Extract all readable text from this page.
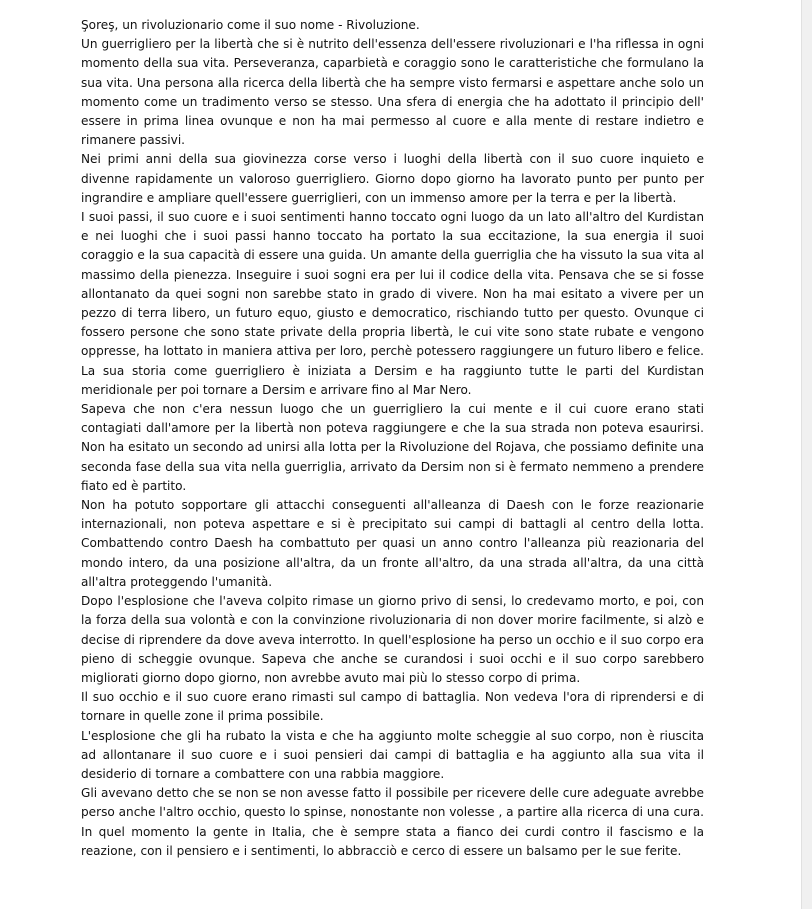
Şoreş, un rivoluzionario come il suo nome - Rivoluzione.

Un guerrigliero per la libertà che si è nutrito dell'essenza dell'essere rivoluzionari e l'ha riflessa in ogni momento della sua vita. Perseveranza, caparbietà e coraggio sono le caratteristiche che formulano la sua vita. Una persona alla ricerca della libertà che ha sempre visto fermarsi e aspettare anche solo un momento come un tradimento verso se stesso. Una sfera di energia che ha adottato il principio dell' essere in prima linea ovunque e non ha mai permesso al cuore e alla mente di restare indietro e rimanere passivi.

Nei primi anni della sua giovinezza corse verso i luoghi della libertà con il suo cuore inquieto e divenne rapidamente un valoroso guerrigliero. Giorno dopo giorno ha lavorato punto per punto per ingrandire e ampliare quell'essere guerriglieri, con un immenso amore per la terra e per la libertà.

I suoi passi, il suo cuore e i suoi sentimenti hanno toccato ogni luogo da un lato all'altro del Kurdistan e nei luoghi che i suoi passi hanno toccato ha portato la sua eccitazione, la sua energia il suoi coraggio e la sua capacità di essere una guida. Un amante della guerriglia che ha vissuto la sua vita al massimo della pienezza. Inseguire i suoi sogni era per lui il codice della vita. Pensava che se si fosse allontanato da quei sogni non sarebbe stato in grado di vivere. Non ha mai esitato a vivere per un pezzo di terra libero, un futuro equo, giusto e democratico, rischiando tutto per questo. Ovunque ci fossero persone che sono state private della propria libertà, le cui vite sono state rubate e vengono oppresse, ha lottato in maniera attiva per loro, perchè potessero raggiungere un futuro libero e felice. La sua storia come guerrigliero è iniziata a Dersim e ha raggiunto tutte le parti del Kurdistan meridionale per poi tornare a Dersim e arrivare fino al Mar Nero.

Sapeva che non c'era nessun luogo che un guerrigliero la cui mente e il cui cuore erano stati contagiati dall'amore per la libertà non poteva raggiungere e che la sua strada non poteva esaurirsi. Non ha esitato un secondo ad unirsi alla lotta per la Rivoluzione del Rojava, che possiamo definite una seconda fase della sua vita nella guerriglia, arrivato da Dersim non si è fermato nemmeno a prendere fiato ed è partito.

Non ha potuto sopportare gli attacchi conseguenti all'alleanza di Daesh con le forze reazionarie internazionali, non poteva aspettare e si è precipitato sui campi di battagli al centro della lotta. Combattendo contro Daesh ha combattuto per quasi un anno contro l'alleanza più reazionaria del mondo intero, da una posizione all'altra, da un fronte all'altro, da una strada all'altra, da una città all'altra proteggendo l'umanità.

Dopo l'esplosione che l'aveva colpito rimase un giorno privo di sensi, lo credevamo morto, e poi, con la forza della sua volontà e con la convinzione rivoluzionaria di non dover morire facilmente, si alzò e decise di riprendere da dove aveva interrotto. In quell'esplosione ha perso un occhio e il suo corpo era pieno di scheggie ovunque. Sapeva che anche se curandosi i suoi occhi e il suo corpo sarebbero migliorati giorno dopo giorno, non avrebbe avuto mai più lo stesso corpo di prima.

Il suo occhio e il suo cuore erano rimasti sul campo di battaglia. Non vedeva l'ora di riprendersi e di tornare in quelle zone il prima possibile.

L'esplosione che gli ha rubato la vista e che ha aggiunto molte scheggie al suo corpo, non è riuscita ad allontanare il suo cuore e i suoi pensieri dai campi di battaglia e ha aggiunto alla sua vita il desiderio di tornare a combattere con una rabbia maggiore.

Gli avevano detto che se non se non avesse fatto il possibile per ricevere delle cure adeguate avrebbe perso anche l'altro occhio, questo lo spinse, nonostante non volesse , a partire alla ricerca di una cura.

In quel momento la gente in Italia, che è sempre stata a fianco dei curdi contro il fascismo e la reazione, con il pensiero e i sentimenti, lo abbracciò e cerco di essere un balsamo per le sue ferite.
